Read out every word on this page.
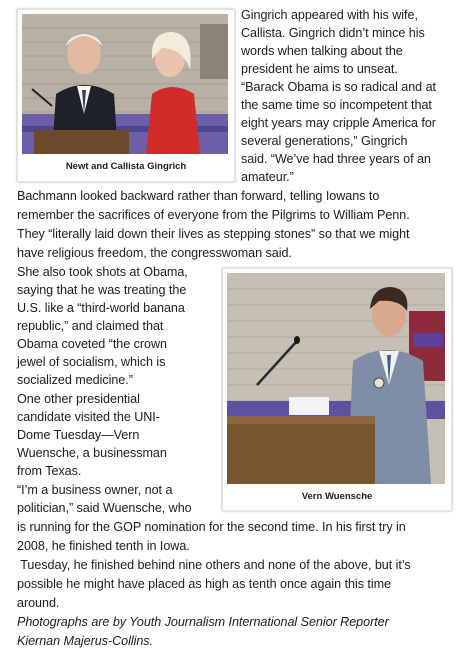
Newt and Callista Gingrich
Vern Wuensche
Gingrich appeared with his wife,
Callista. Gingrich didn’t mince his
words when talking about the
president he aims to unseat.
“Barack Obama is so radical and at
the same time so incompetent that
eight years may cripple America for
several generations,” Gingrich
said. “We’ve had three years of an
amateur.”
Bachmann looked backward rather than forward, telling Iowans to
remember the sacrifices of everyone from the Pilgrims to William Penn.
They “literally laid down their lives as stepping stones” so that we might
have religious freedom, the congresswoman said.
She also took shots at Obama,
saying that he was treating the
U.S. like a “third-world banana
republic,” and claimed that
Obama coveted “the crown
jewel of socialism, which is
socialized medicine.”
One other presidential
candidate visited the UNI-
Dome Tuesday—Vern
Wuensche, a businessman
from Texas.
“I’m a business owner, not a
politician,” said Wuensche, who
is running for the GOP nomination for the second time. In his first try in
2008, he finished tenth in Iowa.
Tuesday, he finished behind nine others and none of the above, but it’s
possible he might have placed as high as tenth once again this time
around.
Photographs are by Youth Journalism International Senior Reporter
Kiernan Majerus-Collins.
